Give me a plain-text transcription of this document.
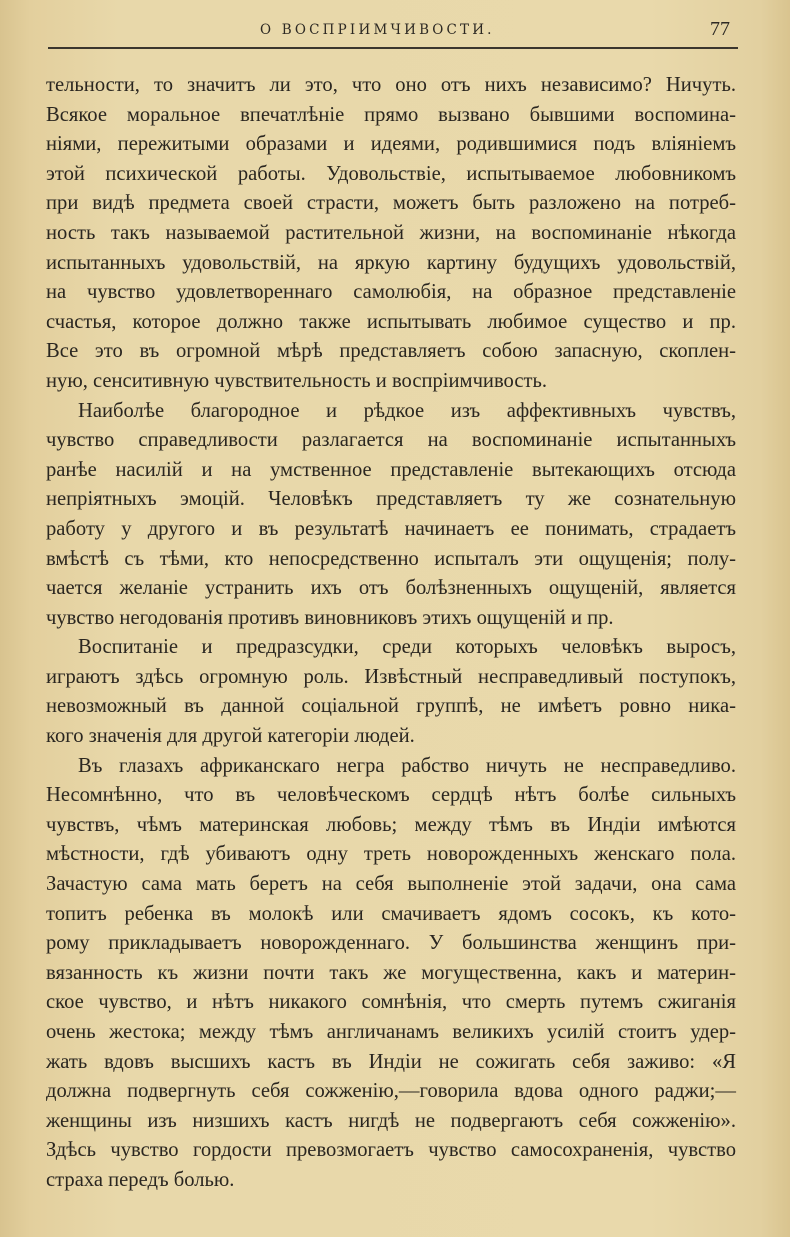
О ВОСПРІИМЧИВОСТИ.	77
тельности, то значитъ ли это, что оно отъ нихъ независимо? Ничуть.
Всякое моральное впечатлѣніе прямо вызвано бывшими воспомина-
ніями, пережитыми образами и идеями, родившимися подъ вліяніемъ
этой психической работы. Удовольствіе, испытываемое любовникомъ
при видѣ предмета своей страсти, можетъ быть разложено на потреб-
ность такъ называемой растительной жизни, на воспоминаніе нѣкогда
испытанныхъ удовольствій, на яркую картину будущихъ удовольствій,
на чувство удовлетвореннаго самолюбія, на образное представленіе
счастья, которое должно также испытывать любимое существо и пр.
Все это въ огромной мѣрѣ представляетъ собою запасную, скоплен-
ную, сенситивную чувствительность и воспріимчивость.
Наиболѣе благородное и рѣдкое изъ аффективныхъ чувствъ,
чувство справедливости разлагается на воспоминаніе испытанныхъ
ранѣе насилій и на умственное представленіе вытекающихъ отсюда
непріятныхъ эмоцій. Человѣкъ представляетъ ту же сознательную
работу у другого и въ результатѣ начинаетъ ее понимать, страдаетъ
вмѣстѣ съ тѣми, кто непосредственно испыталъ эти ощущенія; полу-
чается желаніе устранить ихъ отъ болѣзненныхъ ощущеній, является
чувство негодованія противъ виновниковъ этихъ ощущеній и пр.
Воспитаніе и предразсудки, среди которыхъ человѣкъ выросъ,
играютъ здѣсь огромную роль. Извѣстный несправедливый поступокъ,
невозможный въ данной соціальной группѣ, не имѣетъ ровно ника-
кого значенія для другой категоріи людей.
Въ глазахъ африканскаго негра рабство ничуть не несправедливо.
Несомнѣнно, что въ человѣческомъ сердцѣ нѣтъ болѣе сильныхъ
чувствъ, чѣмъ материнская любовь; между тѣмъ въ Индіи имѣются
мѣстности, гдѣ убиваютъ одну треть новорожденныхъ женскаго пола.
Зачастую сама мать беретъ на себя выполненіе этой задачи, она сама
топитъ ребенка въ молокѣ или смачиваетъ ядомъ сосокъ, къ кото-
рому прикладываетъ новорожденнаго. У большинства женщинъ при-
вязанность къ жизни почти такъ же могущественна, какъ и материн-
ское чувство, и нѣтъ никакого сомнѣнія, что смерть путемъ сжиганія
очень жестока; между тѣмъ англичанамъ великихъ усилій стоитъ удер-
жать вдовъ высшихъ кастъ въ Индіи не сожигать себя заживо: «Я
должна подвергнуть себя сожженію,—говорила вдова одного раджи;—
женщины изъ низшихъ кастъ нигдѣ не подвергаютъ себя сожженію».
Здѣсь чувство гордости превозмогаетъ чувство самосохраненія, чувство
страха передъ болью.
